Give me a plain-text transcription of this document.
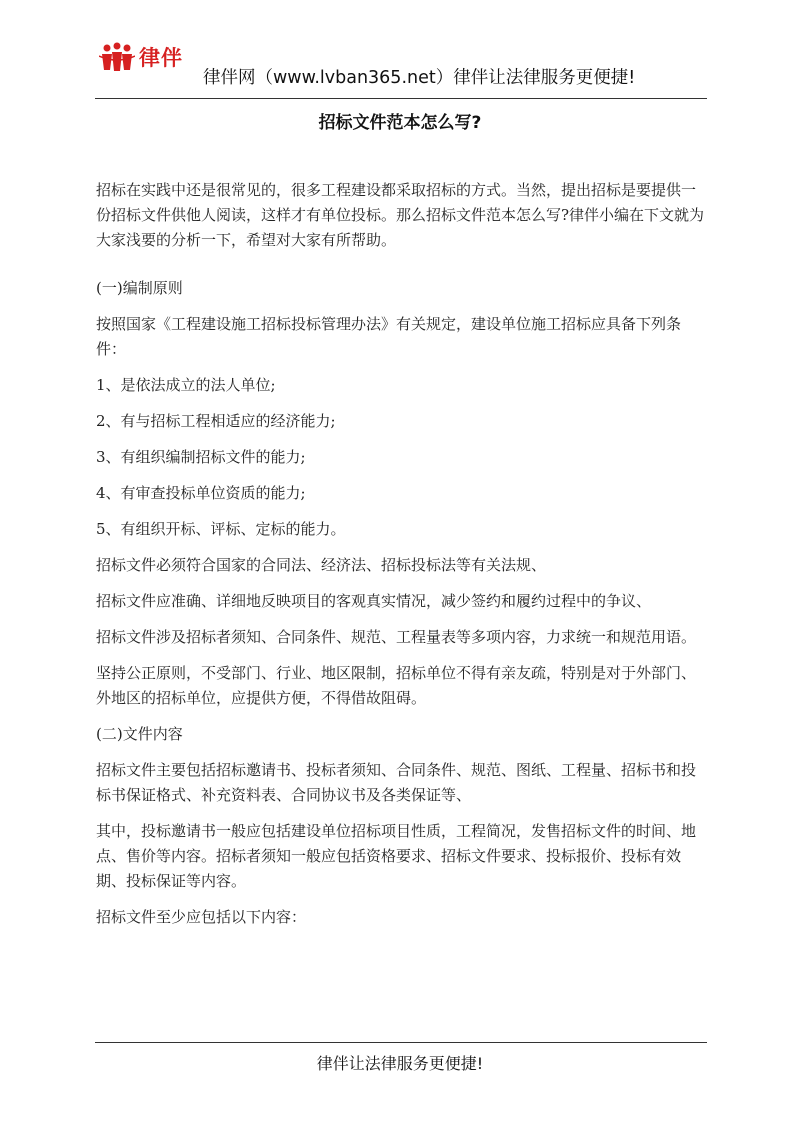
律伴
律伴网（www.lvban365.net）律伴让法律服务更便捷!
招标文件范本怎么写?

招标在实践中还是很常见的，很多工程建设都采取招标的方式。当然，提出招标是要提供一份招标文件供他人阅读，这样才有单位投标。那么招标文件范本怎么写?律伴小编在下文就为大家浅要的分析一下，希望对大家有所帮助。

(一)编制原则

按照国家《工程建设施工招标投标管理办法》有关规定，建设单位施工招标应具备下列条件：

1、是依法成立的法人单位;

2、有与招标工程相适应的经济能力;

3、有组织编制招标文件的能力;

4、有审查投标单位资质的能力;

5、有组织开标、评标、定标的能力。

招标文件必须符合国家的合同法、经济法、招标投标法等有关法规、

招标文件应准确、详细地反映项目的客观真实情况，减少签约和履约过程中的争议、

招标文件涉及招标者须知、合同条件、规范、工程量表等多项内容，力求统一和规范用语。

坚持公正原则，不受部门、行业、地区限制，招标单位不得有亲友疏，特别是对于外部门、外地区的招标单位，应提供方便，不得借故阻碍。

(二)文件内容

招标文件主要包括招标邀请书、投标者须知、合同条件、规范、图纸、工程量、招标书和投标书保证格式、补充资料表、合同协议书及各类保证等、

其中，投标邀请书一般应包括建设单位招标项目性质，工程简况，发售招标文件的时间、地点、售价等内容。招标者须知一般应包括资格要求、招标文件要求、投标报价、投标有效期、投标保证等内容。

招标文件至少应包括以下内容：

律伴让法律服务更便捷!
